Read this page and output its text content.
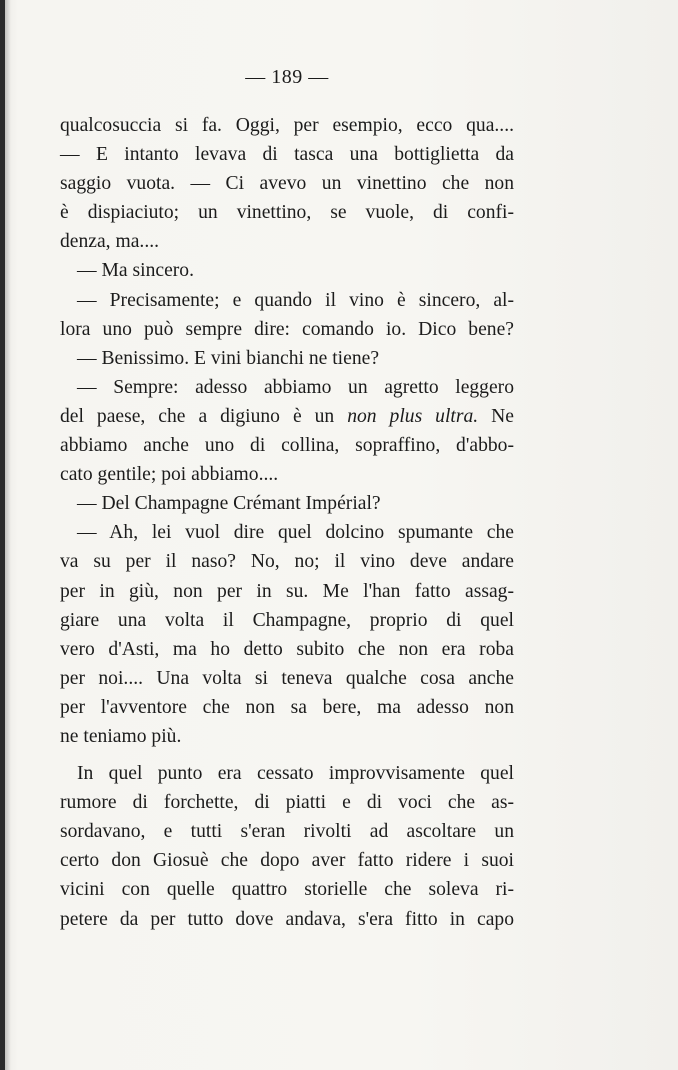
— 189 —
qualcosuccia si fa. Oggi, per esempio, ecco qua....
— E intanto levava di tasca una bottiglietta da
saggio vuota. — Ci avevo un vinettino che non
è dispiaciuto; un vinettino, se vuole, di confi-
denza, ma....
— Ma sincero.
— Precisamente; e quando il vino è sincero, al-
lora uno può sempre dire: comando io. Dico bene?
— Benissimo. E vini bianchi ne tiene?
— Sempre: adesso abbiamo un agretto leggero
del paese, che a digiuno è un non plus ultra. Ne
abbiamo anche uno di collina, sopraffino, d'abbo-
cato gentile; poi abbiamo....
— Del Champagne Crémant Impérial?
— Ah, lei vuol dire quel dolcino spumante che
va su per il naso? No, no; il vino deve andare
per in giù, non per in su. Me l'han fatto assag-
giare una volta il Champagne, proprio di quel
vero d'Asti, ma ho detto subito che non era roba
per noi.... Una volta si teneva qualche cosa anche
per l'avventore che non sa bere, ma adesso non
ne teniamo più.
In quel punto era cessato improvvisamente quel
rumore di forchette, di piatti e di voci che as-
sordavano, e tutti s'eran rivolti ad ascoltare un
certo don Giosuè che dopo aver fatto ridere i suoi
vicini con quelle quattro storielle che soleva ri-
petere da per tutto dove andava, s'era fitto in capo
